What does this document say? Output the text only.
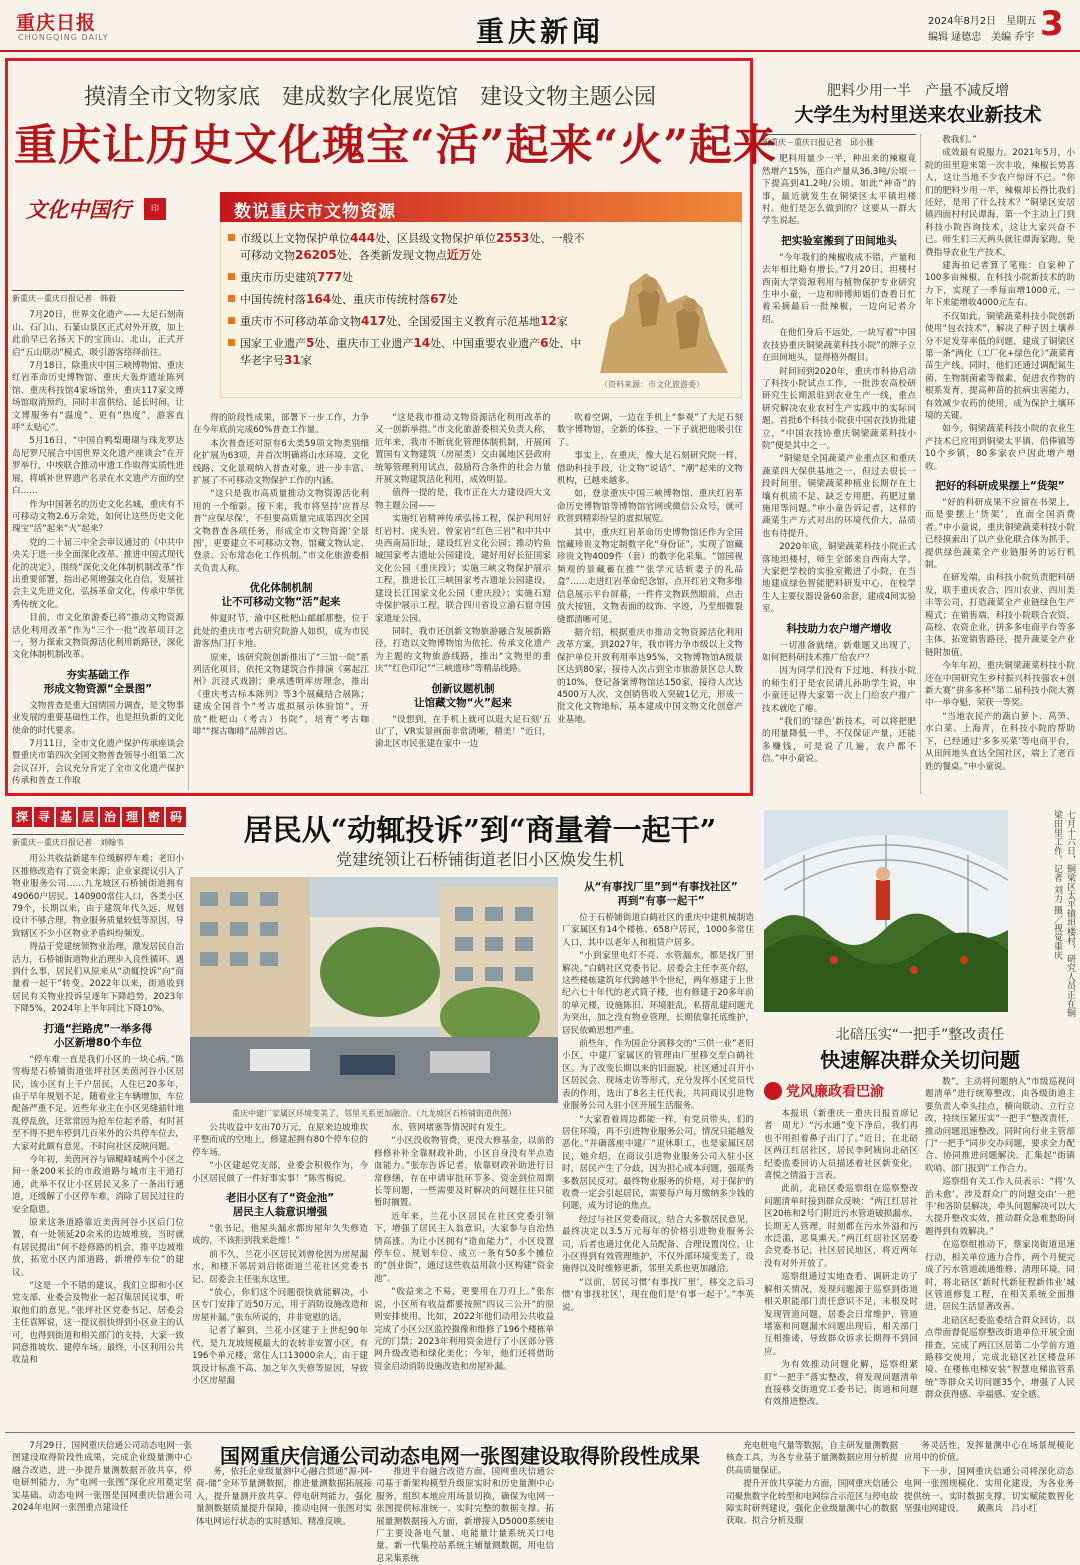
重庆日报
CHONGQING DAILY	重庆新闻	2024年8月2日　星期五
编辑 逯德忠　美编 乔宇 3
摸清全市文物家底　建成数字化展览馆　建设文物主题公园
重庆让历史文化瑰宝“活”起来“火”起来
文化中国行	印	数说重庆市文物资源
市级以上文物保护单位444处、区县级文物保护单位2553处、一般不可移动文物26205处、各类新发现文物点近万处
重庆市历史建筑777处
中国传统村落164处、重庆市传统村落67处
重庆市不可移动革命文物417处、全国爱国主义教育示范基地12家
国家工业遗产5处、重庆市工业遗产14处、中国重要农业遗产6处、中华老字号31家
（资料来源：市文化旅游委）
新重庆－重庆日报记者　韩毅

7月20日，世界文化遗产——大足石刻南山、石门山、石篆山景区正式对外开放，加上此前早已名扬天下的宝顶山、北山，正式开启“五山联动”模式，吸引游客络绎前往。

7月18日，除重庆中国三峡博物馆、重庆红岩革命历史博物馆、重庆大轰炸遗址陈列馆、重庆科技馆4家场馆外，重庆117家文博场馆取消预约，同时丰富供给、延长时间，让文博服务有“温度”、更有“热度”，游客直呼“太贴心”。

5月16日，“中国自鸭梨珊瑚与珠龙罗达岛尼罗尺展合中国世界文化遗产座谈会”在开罗举行，中埃联合推动申遗工作取得实质性进展，将填补世界遗产名录在水文遗产方面的空白……

作为中国著名的历史文化名城，重庆有不可移动文物2.6万余处，如何让这些历史文化瑰宝“活”起来“火”起来？

党的二十届三中全会审议通过的《中共中央关于进一步全面深化改革、推进中国式现代化的决定》，围绕“深化文化体制机制改革”作出重要部署，指出必须增强文化自信，发展社会主义先进文化，弘扬革命文化，传承中华优秀传统文化。

目前，市文化旅游委已将“推动文物资源活化利用改革”作为“三个一批”改革项目之一，努力探索文物资源活化利用新路径，深化文化体制机制改革。

夯实基础工作
形成文物资源“全景图”

文物普查是重大国情国力调查，是文物事业发展的重要基础性工作，也是担负新的文化使命的时代要求。

7月11日，全市文化遗产保护传承座谈会暨重庆市第四次全国文物普查领导小组第二次会议召开，会议充分肯定了全市文化遗产保护传承和普查工作取

得的阶段性成果，部署下一步工作，力争在今年底前完成60%普查工作量。

本次普查还对原有6大类59项文物类别细化扩展为63项，并首次明确将山水环境、文化线路、文化景观纳入普查对象，进一步丰富、扩展了不可移动文物保护工作的内涵。

“这只是我市高质量推动文物资源活化利用的一个缩影。接下来，我市将坚持‘应普尽普’‘应保尽保’，不但要高质量完成第四次全国文物普查各项任务，形成全市文物资源‘全景图’，更要建立不可移动文物、馆藏文物认定、登录、公布常态化工作机制。”市文化旅游委相关负责人称。

优化体制机制
让不可移动文物“活”起来

仲夏时节，渝中区枇杷山邮邮那整，位于此处的重庆市考古研究院游人如织，成为市民游客热门打卡地。

原来，该研究院创新推出了“三馆一院”系列活化项目，依托文物建筑合作排演《雾起江州》沉浸式戏剧；秉承透明库房理念，推出《重庆考古标本陈列》等3个展藏结合展陈；建成全国首个“考古虚拟展示体验馆”，开放“枇杷山（考古）书院”，培育“考古咖啡”“探古咖啡”品牌首店。

“这是我市推动文物资源活化利用改革的又一创新举措。”市文化旅游委相关负责人称，近年来，我市不断优化管理体制机制，开展闲置国有文物建筑（房屋类）交由属地区县政府统筹管理利用试点，鼓励符合条件的社会力量开展文物建筑活化利用，成效明显。

值得一提的是，我市正在大力建设四大文物主题公园——

实施红岩精神传承弘扬工程，保护利用好红岩村、虎头岩、曾家岩“红色三岩”和中共中央西南局旧址，建设红岩文化公园；推动钓鱼城国家考古遗址公园建设，建好用好长征国家文化公园（重庆段）；实施三峡文物保护展示工程，推进长江三峡国家考古遗址公园建设，建设长江国家文化公园（重庆段）；实施石窟寺保护展示工程，联合四川省设立渝石窟寺国家遗址公园。

同时，我市还创新文物旅游融合发展新路径，打造以文物博物馆为依托、传承文化遗产为主题的文物旅游线路，推出“文物里的重庆”“红色印记”“三峡遗珍”等精品线路。

创新议题机制
让馆藏文物“火”起来

“设想到，在手机上就可以逛大足石刻‘五山’了，VR实景画面非常清晰，精美！”近日，渝北区市民张建在家中一边

吹着空调，一边在手机上“参观”了大足石刻数字博物馆，全新的体验，一下子就把他吸引住了。

事实上，在重庆，像大足石刻研究院一样，借助科技手段，让文物“说话”、“潮”起来的文物机构，已越来越多。

如，登录重庆中国三峡博物馆、重庆红岩革命历史博物馆等博物馆官网或微信公众号，就可欣赏到精彩纷呈的虚拟展览。

其中，重庆红岩革命历史博物馆还作为全国馆藏珍贵文物定制数字化“身份证”，实现了馆藏珍贵文物4009件（套）的数字化采集。“馆园视频观的景藏蓄在推”“张学元话斩妻子的礼品盒”……走进红岩革命纪念馆，点开红岩文物多维信息展示平台屏幕，一件件文物跃然眼前，点击放大按钮，文物表面的纹饰、字迹，乃至细微裂缝都清晰可见。

据介绍，根据重庆市推动文物资源活化利用改革方案，到2027年，我市将力争市级以上文物保护单位开放利用率达95%，文物博物馆A级景区达到80家，接待人次占到全市旅游景区总人数的10%，登记备案博物馆达150家，接待人次达4500万人次，文创销售收入突破1亿元，形成一批文化文物地标，基本建成中国文物文化创意产业基地。

肥料少用一半　产量不减反增
大学生为村里送来农业新技术
新重庆－重庆日报记者　邱小雅

肥料用量少一半，种出来的辣椒竟然增产15%，莲白产量从36.3吨/公顷一下提高到41.2吨/公顷。如此“神奇”的事，最近就发生在铜梁区太平镇坦楼村。他们是怎么做到的？这要从一群大学生说起。

把实验室搬到了田间地头

“今年我们的辣椒收成不错，产量和去年相比略有增长。”7月20日，坦楼村西南大学资源利用与植物保护专业研究生申小童，一边和师傅师姐们查看日忙着采摘最后一批辣椒，一边向记者介绍。

在他们身后不远处，一块写着“中国农技协重庆铜梁蔬菜科技小院”的牌子立在田间地头，显得格外醒目。

时间回到2020年，重庆市科协启动了科技小院试点工作，一批涉农高校研研究生长期派驻到农业生产一线，重点研究解决农业农村生产实践中的实际问题。首批6个科技小院获中国农技协批建立，“中国农技协重庆铜梁蔬菜科技小院”便是其中之一。

“铜梁是全国蔬菜产业重点区和重庆蔬菜四大保供基地之一，但过去很长一段时间里，铜梁蔬菜种植业长期存在土壤有机质不足、缺乏专用肥、药肥过量施用等问题。”申小童告诉记者，这样的蔬菜生产方式对出的环境代价大，品质也有待提升。

2020年底，铜梁蔬菜科技小院正式落地坦楼村，师生全部来自西南大学。大家把学校的实验室搬进了小院，在当地建成绿色智能肥料研发中心，在校学生人主要仪器设备60余套，建成4间实验室。

科技助力农户增产增收

一切准备就绪，新难题又出现了，如何把科研技术推广给农户？

因为同学们没有下过地，科技小院的师生们于是农民请儿孙助学生说，申小童还记得大家第一次上门给农户推广技术就吃了瘪。

“我们的‘绿色’新技术，可以将把肥的用量降低一半，不仅保证产量，还能多赚钱，可是说了几遍，农户都不信。”申小童说。

教我们。”

成效最有说服力。2021年5月，小院的田里迎来第一次丰收，辣椒长势喜人，这让当地不少农户惊讶不已。“你们的肥料少用一半，辣椒却长得比我们还好，是用了什么技术？”铜梁区安居镇四面村村民谭海，第一个主动上门到科技小院咨询技术，这让大家兴奋不已。师生们三天两头就往谭海家跑，免费指导农业生产技术。

建海拍记者算了笔账：自家种了100多亩辣椒，在科技小院新技术的助力下，实现了一季每亩增1000元，一年下来能增收4000元左右。

不仅如此，铜梁蔬菜科技小院创新使用“包衣技术”，解决了种子因土壤养分不足发芽率低的问题，建成了铜梁区第一条“两化（工厂化+绿色化）”蔬菜育苗生产线。同时，他们还通过调配氮生菌、生物制菌素等微素，促进农作物的根系发育，提高种苗的抗病虫害能力，有效减少农药的使用，成为保护土壤环境的关键。

如今，铜梁蔬菜科技小院的农业生产技术已应用到铜梁太平镇、侣俸镇等10个乡镇，80多家农户因此增产增收。

把好的科研成果摆上“货架”

“好的科研成果不应留在书架上，而是要摆上‘货架’，直面全国消费者。”申小童说，重庆铜梁蔬菜科技小院已经摸索出了以产业化联合体为抓手，提供绿色蔬菜全产业链服务的运行机制。

在研发端，由科技小院负责肥料研发，联手重庆农合、四川农业、四川美丰等公司，打造蔬菜全产业链绿色生产模式；在销售端，科技小院联合农资、高校、农资企业，拼多多电商平台等多主体，拓宽销售路径，提升蔬菜全产业链附加值。

今年年初，重庆铜梁蔬菜科技小院还在中国研究生乡村振兴科技强农+创新大赛“拼多多杯”第二届科技小院大赛中一举夺魁，荣获一等奖。

“当地农民产的蔬白萝卜、莴笋、水白菜、上海青，在科技小院的帮助下，已经通过‘多多买菜’等电商平台，从田间地头直达全国社区，端上了老百姓的餐桌。”申小童说。

探 寻 基 层 治 理 密 码	居民从“动辄投诉”到“商量着一起干”
党建统领让石桥铺街道老旧小区焕发生机
新重庆－重庆日报记者　刘翰韦

用公共收益新建车位缓解停车难；老旧小区推修改造有了资金来源；企业家提议引入了物业服务公司……九龙坡区石桥铺街道拥有49060户居民、140900常住人口，各类小区79个，长期以来，由于建筑年代久远、规划设计不够合理，物业服务质量较低等原因，导致辖区不少小区物业矛盾纠纷频发。

得益于党建统领物业治理，激发居民自治活力，石桥铺街道物业治理步入良性循环。遇到什么事，居民们从原来从“动辄投诉”向“商量着一起干”转变。2022年以来，街道收到居民有关物业投诉呈逐年下降趋势，2023年下降5%，2024年上半年同比下降10%。

打通“拦路虎”一举多得
小区新增80个车位

“停车难一直是我们小区的一块心病。”陈雪梅是石桥铺街道张坪社区美茵河谷小区居民，该小区有上千户居民，人住已20多年，由于早年规划不足，随着业主车辆增加，车位配备严重不足。近些年业主在小区见缝插针地乱停乱放，还常常因为抢车位起矛盾，有时甚至不得不把车停到几百米外的公共停车位去，大家对此颇有意见，不时向社区反映问题。

今年初，美茵河谷与锦鲲峰城两个小区之间一条200米长的市政道路与城市主干道打通，此举不仅让小区居民又多了一条出行通道，还缓解了小区停车难，消除了居民过往的安全隐患。

原来这条道路靠近美茵河谷小区后门位置，有一处领延20余米的边坡堆放，当时就有居民提出“何不趁修路的机会，推平边坡堆放，拓宽小区内部道路，新增停车位”的建议。

“这是一个不错的建议，我们立即和小区党支部、业委会及物业一起召集居民议事，听取他们的意见。”张坪社区党委书记、居委会主任袁辉说，这一提议很快得到小区业主的认可，也得到街道和相关部门的支持，大家一致同意推坡坎、建停车场。最终，小区利用公共收益和

重庆中建厂家属区环境变美了，邻里关系更加融洽。（九龙坡区石桥铺街道供图）
从“有事找厂里”到“有事找社区”
再到“有事一起干”

公共收益中支出70万元，在原来边坡堆坎平整而成的空地上，修建起拥有80个停车位的停车场。

“小区建起党支部，业委会积极作为，今小区居民做了一件好事实事！”陈雪梅说。

老旧小区有了“资金池”
居民主人翁意识增强

“张书记，他屋头漏水都房屋年久失修造成的，不该拒到我来赴维！”

前不久，兰花小区居民刘曾伦因为房屋漏水，和楼下邻居刘启铭街道兰花社区党委书记、居委会主任张东这里。

“放心，你们这个问题很快就能解决，小区专门安排了近50万元，用于消防设施改造和房屋补漏。”张东所说的，并非宽慰的话。

记者了解到，兰花小区建于上世纪90年代，是九龙坡规模最大的农转非安置小区，有196个单元楼，常住人口13000余人。由于建筑设计标准不高、加之年久失修等原因，导致小区房屋漏

水、管网堵塞等情况时有发生。

“小区没收物管费，更没大修基金，以前的修修补补全靠财政补助，小区自身没有半点造血能力。”张东告诉记者，依靠财政补助进行日常修缮，存在申请审批环节多、资金到位周期长等问题，一些需要及时解决的问题往往只能暂时搁置。

近年来，兰花小区居民在社区党委引领下，增强了居民主人翁意识，大家参与自治热情高涨。为让小区拥有“造血能力”，小区设置停车位、规划车位、成立一条有50多个摊位的“创业街”，通过这些收益用款小区构建“资金池”。

“收益来之不易，更要用在刀刃上。”张东说，小区所有收益都要按照“四议三公开”的原则安排使用。比如，2022年他们动用公共收益完成了小区公区监控摄像和维修了196个楼栋单元的门禁；2023年利用资金进行了小区部分管网升级改造和绿化美化；今年，他们还将借助资金启动消防设施改造和房屋补漏。

位于石桥铺街道白鹤社区的重庆中建机械制造厂家属区有14个楼栋、658户居民，1000多常住人口，其中以老年人和租赁户居多。

“小到家里电灯不亮、水管漏水，都是找厂里解决。”白鹤社区党委书记、居委会主任李英介绍，这些楼栋建筑年代跨越半个世纪，两年修建于上世纪六七十年代的老式筒子楼，也有修建于20多年前的单元楼，设施陈旧、环境脏乱，私搭乱建问题尤为突出，加之没有物业管理，长期依靠托底维护，居民依赖思想严重。

前些年，作为国企分离移交的“三供一业”老旧小区，中建厂家属区的管理由厂里移交至白鹤社区。为了改变长期以来的旧面貌，社区通过召开小区居民会、现场走访等形式，充分发挥小区党员代表的作用，选出了8名主任代表，共同商议引进物业服务公司入驻小区开展生活服务。

“大家看着周边都能一样，有党员带头，们的居住环境，再不引进物业服务公司，情况只能越发恶化。”并确落座中建厂“退休职工，也是家属区居民，她介绍，在商议引进物业服务公司入驻小区时，居民产生了分歧，因为担心成本问题，强瑶秀多数居民反对。最终物业服务的价格，对于保护的收费一定会引起居民，需要每户每月缴纳多少钱的问题，成为讨论的焦点。

经过与社区党委商议，结合大多数居民意见，最终决定以3.5万元每年的价格引进物业服务公司，后者也通过优化人员配备、合理设置岗位，让小区得到有效管理维护，不仅外部环境变美了，设施得以及时维修更新，邻里关系也更加融洽。

“以前，居民习惯‘有事找厂里’，移交之后习惯‘有事找社区’，现在他们是‘有事一起干’。”李英说。

七月十六日，铜梁区太平镇坦楼村，研究人员正在铜梁田里工作。记者 刘力 摄／视觉重庆
北碚压实“一把手”整改责任
快速解决群众关切问题
党风廉政看巴渝

本报讯（新重庆－重庆日报首席记者　周尤）“污水通”变下净后，我们再也不用担着鼻子出门了。”近日，在北碚区两江红居社区，居民李阿姨向北碚区纪委监委回访人员描述着社区新变化，喜悦之情溢于言表。

此前，北碚区委巡察组在巡察整改问题清单时接到群众反映：“两江红居社区20栋和2号门附近污水管道破损漏水，长期无人管理，时刻都在污水外溢和污水泛滥，恶臭熏天。”两江红居社区居委会党委书记，社区居民地区，将近两年没有对外开放了。

巡察组通过实地查看、调研走访了解相关情况，发现问题源于巡察到街道相关职能部门责任意识不足，未根及时发现管道问题，居委会日常维护，管道堵塞和问题漏水问题出现后，相关部门互相推诿，导致群众诉求长期得不到回应。

为有效推动问题化解，巡察组紧盯“一把手”落实整改，将发现问题清单直接移交街道党工委书记，街道和问题有效推进整改。

数”，主动将问题纳入“市级巡视问题清单”进行统筹整改，由各级街道主要负责人牵头挂点，横向联动、立行立改，持续压紧压实“一把手”整改责任，推动问题迅速整改，同时向行业主管部门“一把手”同步交办问题，要求全力配合、协同推进问题解决。汇集起“街镇吹哨、部门报到”工作合力。

巡察组有关工作人员表示：“将‘久治未愈’、涉及群众广的问题交由‘一把手’和各阶层解决，牵头问题解决可以大大提升整改实效，推动群众急难愁盼问题得到有效解决。”

在巡察组推动下，蔡家岗街道迅速行动，相关单位通力合作，两个月便完成了污水管道疏通维修、清理环境，同时，将北碚区‘新时代新征程新伟业’城区管道修复工程，在相关系统全面推进，居民生活显著改善。

北碚区纪委监委结合群众回访，以点带面督促巡察整改街道单位开展全面排查，完成了两江区居第二小学前方道路移交使用，完成北碚区社区楼盘环境、在楼栋电梯安装“智慧电梯监管系统”等群众关切问题35个，增强了人民群众获得感、幸福感、安全感。

国网重庆信通公司动态电网一张图建设取得阶段性成果

7月29日，国网重庆信通公司动态电网一张图建设取得阶段性成果，完成企业级量测中心融合改造，进一步提升量测数据开放共享，停电研判能力，为“电网一张图”深化应用奠定坚实基础。动态电网一张图是国网重庆信通公司2024年电网一张图重点建设任

务，依托企业级量测中心融合贯通“源-网-荷-储”全环节量测数据，推进量测数据拓展接入，提升量测开放共享、停电研判能力，强化量测数据质量提升保障，推动电网一张图对实体电网运行状态的实时感知、精准反映。

推进平台融合改造方面，国网重庆信通公司基于新架构模型升级原实时和历史量测中心服务，组织本地应用场景切换，确保为电网一张图提供标准统一、实时完整的数据支撑。拓展量测数据接入方面，新增接入D5000系统电厂主要设备电气量、电能量计量系统关口电量、新一代集控站系统主辅量测数据，用电信息采集系统

充电桩电气量等数据，自主研发量测数据核查工具，为各专业基于量测数据应用分析提供高质量保证。

提升开放共享能力方面，国网重庆信通公司聚焦数字化转型和电网综合示范区与停电故障实时研判建设，强化企业级量测中心的数据获取、拟合分析及服

务灵活性，发挥量测中心在场景规模化应用中的价值。

下一步，国网重庆信通公司将深化动态电网一张图规模化、实用化建设，为各业务提供统一、实时数据支撑，切实赋能数智化坚强电网建设。　　戴燕兵　吕小红
